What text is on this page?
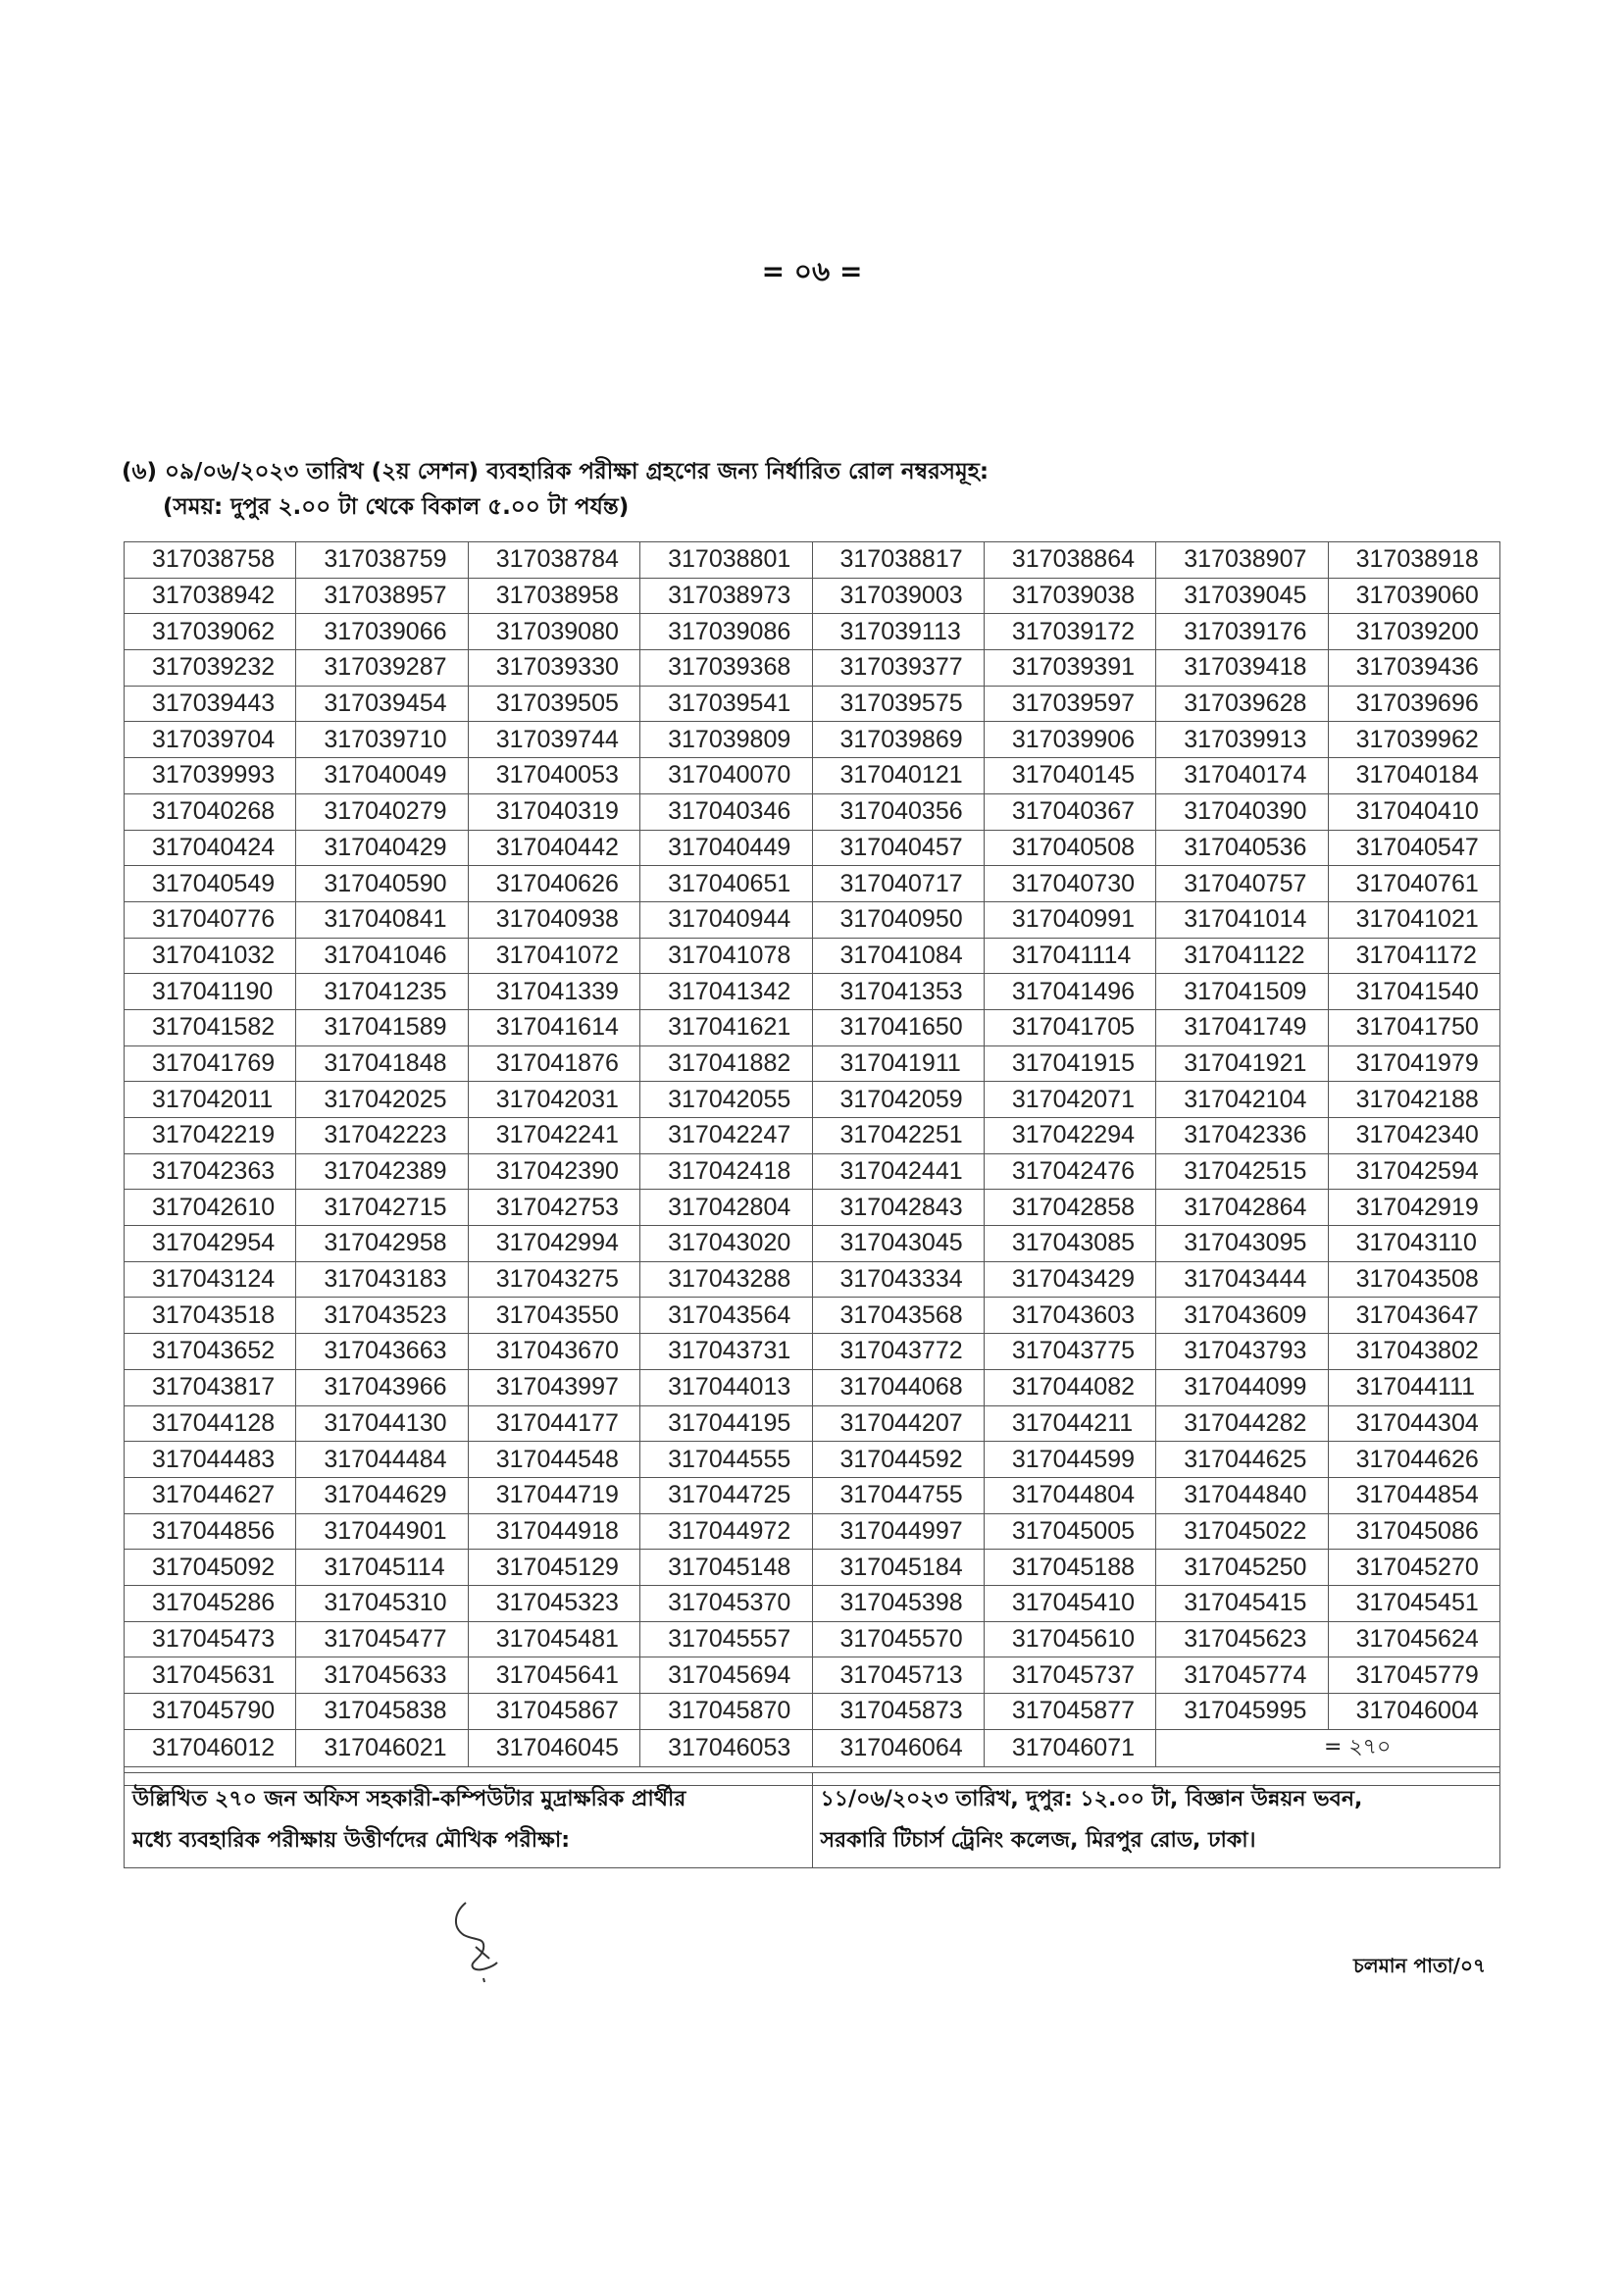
= ০৬ =
(৬) ০৯/০৬/২০২৩ তারিখ (২য় সেশন) ব্যবহারিক পরীক্ষা গ্রহণের জন্য নির্ধারিত রোল নম্বরসমূহ:
(সময়: দুপুর ২.০০ টা থেকে বিকাল ৫.০০ টা পর্যন্ত)
317038758	317038759	317038784	317038801	317038817	317038864	317038907	317038918
317038942	317038957	317038958	317038973	317039003	317039038	317039045	317039060
317039062	317039066	317039080	317039086	317039113	317039172	317039176	317039200
317039232	317039287	317039330	317039368	317039377	317039391	317039418	317039436
317039443	317039454	317039505	317039541	317039575	317039597	317039628	317039696
317039704	317039710	317039744	317039809	317039869	317039906	317039913	317039962
317039993	317040049	317040053	317040070	317040121	317040145	317040174	317040184
317040268	317040279	317040319	317040346	317040356	317040367	317040390	317040410
317040424	317040429	317040442	317040449	317040457	317040508	317040536	317040547
317040549	317040590	317040626	317040651	317040717	317040730	317040757	317040761
317040776	317040841	317040938	317040944	317040950	317040991	317041014	317041021
317041032	317041046	317041072	317041078	317041084	317041114	317041122	317041172
317041190	317041235	317041339	317041342	317041353	317041496	317041509	317041540
317041582	317041589	317041614	317041621	317041650	317041705	317041749	317041750
317041769	317041848	317041876	317041882	317041911	317041915	317041921	317041979
317042011	317042025	317042031	317042055	317042059	317042071	317042104	317042188
317042219	317042223	317042241	317042247	317042251	317042294	317042336	317042340
317042363	317042389	317042390	317042418	317042441	317042476	317042515	317042594
317042610	317042715	317042753	317042804	317042843	317042858	317042864	317042919
317042954	317042958	317042994	317043020	317043045	317043085	317043095	317043110
317043124	317043183	317043275	317043288	317043334	317043429	317043444	317043508
317043518	317043523	317043550	317043564	317043568	317043603	317043609	317043647
317043652	317043663	317043670	317043731	317043772	317043775	317043793	317043802
317043817	317043966	317043997	317044013	317044068	317044082	317044099	317044111
317044128	317044130	317044177	317044195	317044207	317044211	317044282	317044304
317044483	317044484	317044548	317044555	317044592	317044599	317044625	317044626
317044627	317044629	317044719	317044725	317044755	317044804	317044840	317044854
317044856	317044901	317044918	317044972	317044997	317045005	317045022	317045086
317045092	317045114	317045129	317045148	317045184	317045188	317045250	317045270
317045286	317045310	317045323	317045370	317045398	317045410	317045415	317045451
317045473	317045477	317045481	317045557	317045570	317045610	317045623	317045624
317045631	317045633	317045641	317045694	317045713	317045737	317045774	317045779
317045790	317045838	317045867	317045870	317045873	317045877	317045995	317046004
317046012	317046021	317046045	317046053	317046064	317046071	= ২৭০	

উল্লিখিত ২৭০ জন অফিস সহকারী-কম্পিউটার মুদ্রাক্ষরিক প্রার্থীর
মধ্যে ব্যবহারিক পরীক্ষায় উত্তীর্ণদের মৌখিক পরীক্ষা:

১১/০৬/২০২৩ তারিখ, দুপুর: ১২.০০ টা, বিজ্ঞান উন্নয়ন ভবন,
সরকারি টিচার্স ট্রেনিং কলেজ, মিরপুর রোড, ঢাকা।
চলমান পাতা/০৭
